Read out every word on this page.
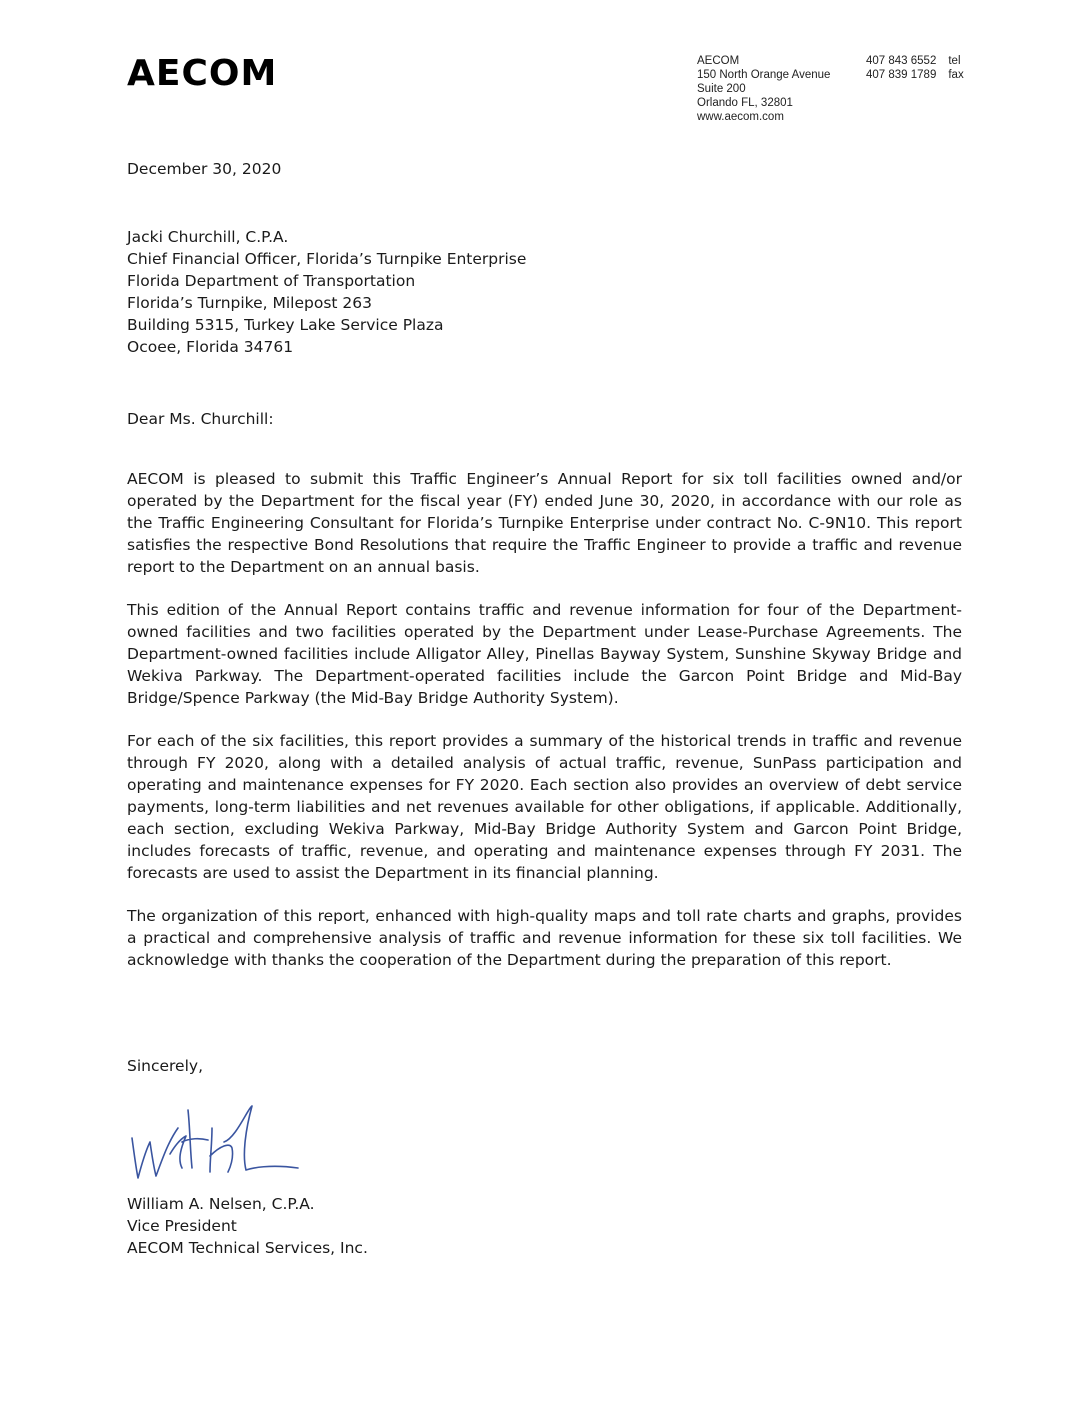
AECOM	AECOM
150 North Orange Avenue
Suite 200
Orlando FL, 32801
www.aecom.com
407 843 6552 tel
407 839 1789 fax
December 30, 2020
Jacki Churchill, C.P.A.
Chief Financial Officer, Florida’s Turnpike Enterprise
Florida Department of Transportation
Florida’s Turnpike, Milepost 263
Building 5315, Turkey Lake Service Plaza
Ocoee, Florida 34761
Dear Ms. Churchill:

AECOM is pleased to submit this Traffic Engineer’s Annual Report for six toll facilities owned and/or operated by the Department for the fiscal year (FY) ended June 30, 2020, in accordance with our role as the Traffic Engineering Consultant for Florida’s Turnpike Enterprise under contract No. C-9N10. This report satisfies the respective Bond Resolutions that require the Traffic Engineer to provide a traffic and revenue report to the Department on an annual basis.

This edition of the Annual Report contains traffic and revenue information for four of the Department-owned facilities and two facilities operated by the Department under Lease-Purchase Agreements. The Department-owned facilities include Alligator Alley, Pinellas Bayway System, Sunshine Skyway Bridge and Wekiva Parkway. The Department-operated facilities include the Garcon Point Bridge and Mid-Bay Bridge/Spence Parkway (the Mid-Bay Bridge Authority System).

For each of the six facilities, this report provides a summary of the historical trends in traffic and revenue through FY 2020, along with a detailed analysis of actual traffic, revenue, SunPass participation and operating and maintenance expenses for FY 2020. Each section also provides an overview of debt service payments, long-term liabilities and net revenues available for other obligations, if applicable. Additionally, each section, excluding Wekiva Parkway, Mid-Bay Bridge Authority System and Garcon Point Bridge, includes forecasts of traffic, revenue, and operating and maintenance expenses through FY 2031. The forecasts are used to assist the Department in its financial planning.

The organization of this report, enhanced with high-quality maps and toll rate charts and graphs, provides a practical and comprehensive analysis of traffic and revenue information for these six toll facilities. We acknowledge with thanks the cooperation of the Department during the preparation of this report.

Sincerely,
William A. Nelsen, C.P.A.
Vice President
AECOM Technical Services, Inc.
